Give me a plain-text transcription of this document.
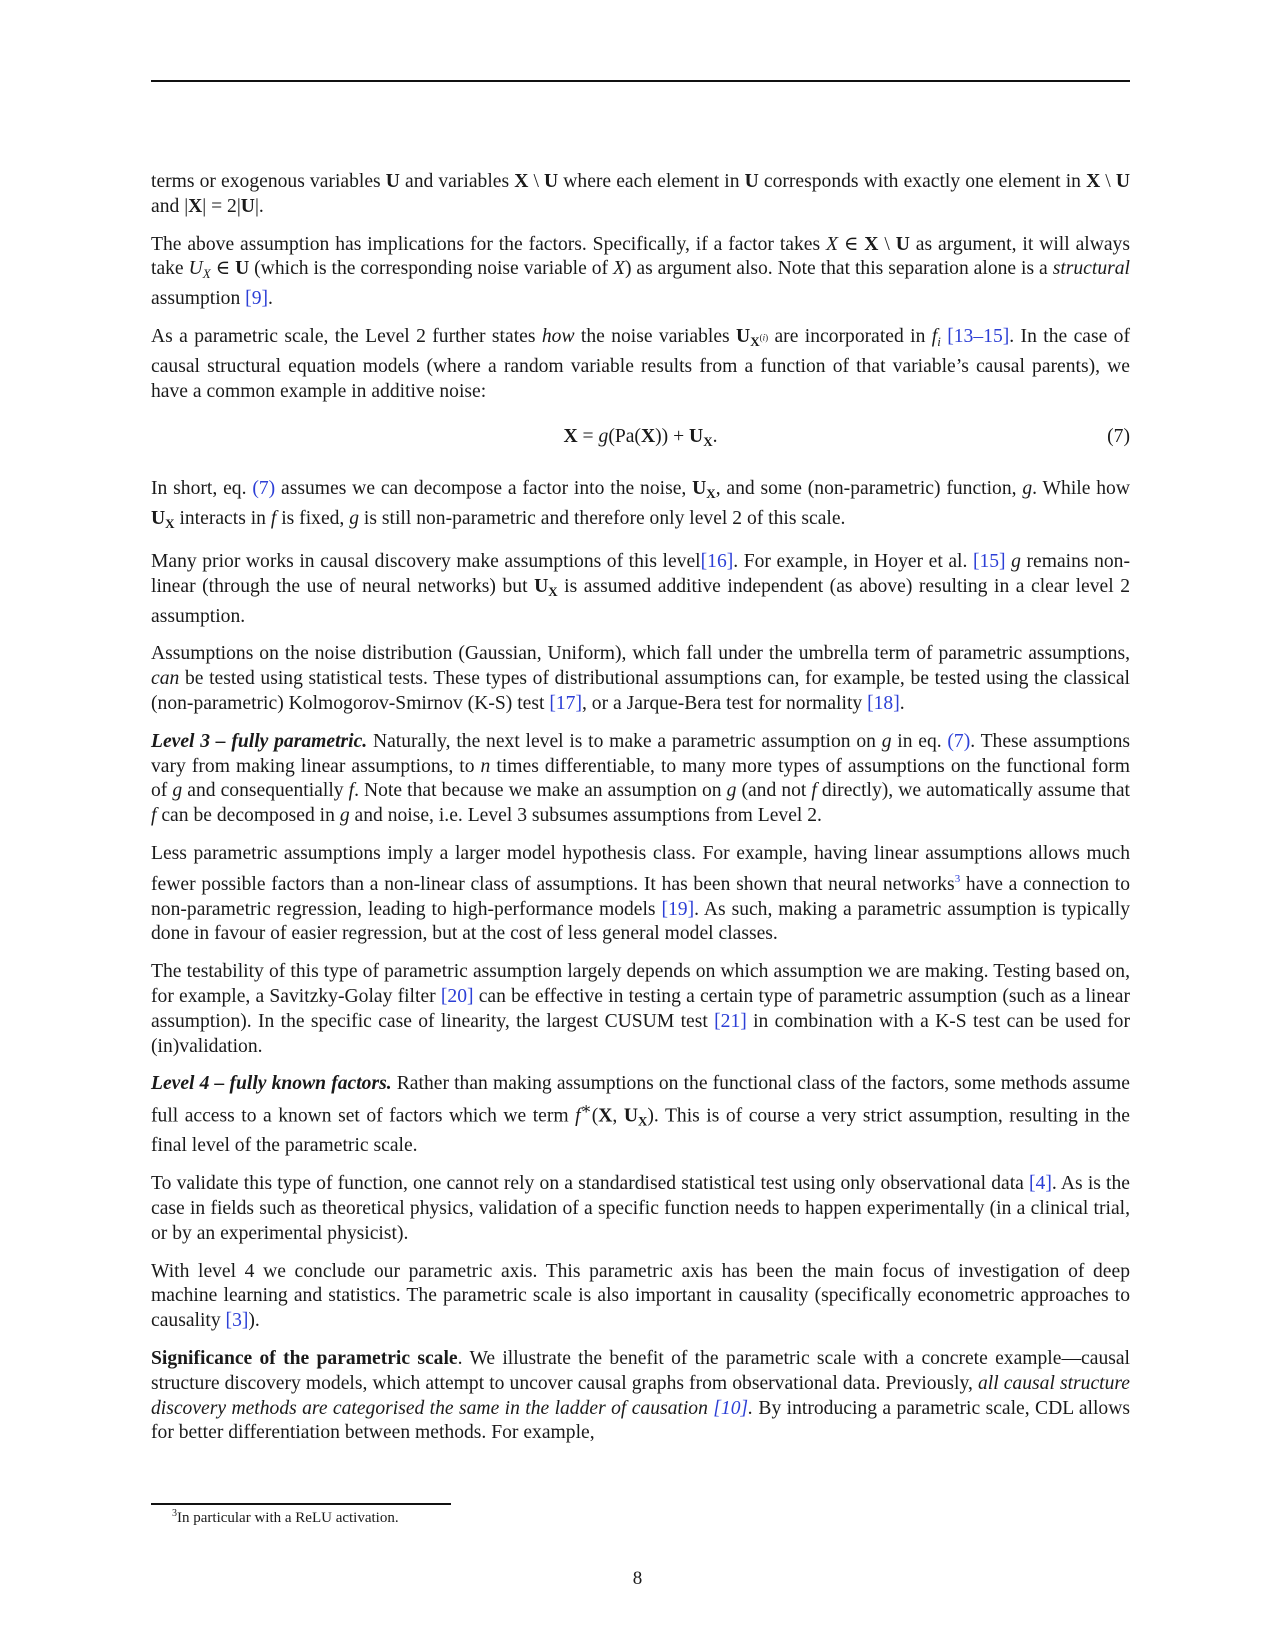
terms or exogenous variables U and variables X \ U where each element in U corresponds with exactly one element in X \ U and |X| = 2|U|.

The above assumption has implications for the factors. Specifically, if a factor takes X ∈ X \ U as argument, it will always take $U_X$ ∈ U (which is the corresponding noise variable of X) as argument also. Note that this separation alone is a structural assumption [9].

As a parametric scale, the Level 2 further states how the noise variables $U_{X^{(i)}}$ are incorporated in $f_i$ [13–15]. In the case of causal structural equation models (where a random variable results from a function of that variable’s causal parents), we have a common example in additive noise:

$X = g(Pa(X)) + U_X$.	(7)

In short, eq. (7) assumes we can decompose a factor into the noise, $U_X$, and some (non-parametric) function, g. While how $U_X$ interacts in f is fixed, g is still non-parametric and therefore only level 2 of this scale.

Many prior works in causal discovery make assumptions of this level[16]. For example, in Hoyer et al. [15] g remains non-linear (through the use of neural networks) but $U_X$ is assumed additive independent (as above) resulting in a clear level 2 assumption.

Assumptions on the noise distribution (Gaussian, Uniform), which fall under the umbrella term of parametric assumptions, can be tested using statistical tests. These types of distributional assumptions can, for example, be tested using the classical (non-parametric) Kolmogorov-Smirnov (K-S) test [17], or a Jarque-Bera test for normality [18].

Level 3 – fully parametric. Naturally, the next level is to make a parametric assumption on g in eq. (7). These assumptions vary from making linear assumptions, to n times differentiable, to many more types of assumptions on the functional form of g and consequentially f. Note that because we make an assumption on g (and not f directly), we automatically assume that f can be decomposed in g and noise, i.e. Level 3 subsumes assumptions from Level 2.

Less parametric assumptions imply a larger model hypothesis class. For example, having linear assumptions allows much fewer possible factors than a non-linear class of assumptions. It has been shown that neural networks$^3$ have a connection to non-parametric regression, leading to high-performance models [19]. As such, making a parametric assumption is typically done in favour of easier regression, but at the cost of less general model classes.

The testability of this type of parametric assumption largely depends on which assumption we are making. Testing based on, for example, a Savitzky-Golay filter [20] can be effective in testing a certain type of parametric assumption (such as a linear assumption). In the specific case of linearity, the largest CUSUM test [21] in combination with a K-S test can be used for (in)validation.

Level 4 – fully known factors. Rather than making assumptions on the functional class of the factors, some methods assume full access to a known set of factors which we term f∗(X, $U_X$). This is of course a very strict assumption, resulting in the final level of the parametric scale.

To validate this type of function, one cannot rely on a standardised statistical test using only observational data [4]. As is the case in fields such as theoretical physics, validation of a specific function needs to happen experimentally (in a clinical trial, or by an experimental physicist).

With level 4 we conclude our parametric axis. This parametric axis has been the main focus of investigation of deep machine learning and statistics. The parametric scale is also important in causality (specifically econometric approaches to causality [3]).

Significance of the parametric scale. We illustrate the benefit of the parametric scale with a concrete example—causal structure discovery models, which attempt to uncover causal graphs from observational data. Previously, all causal structure discovery methods are categorised the same in the ladder of causation [10]. By introducing a parametric scale, CDL allows for better differentiation between methods. For example,

$^3$In particular with a ReLU activation.
8
